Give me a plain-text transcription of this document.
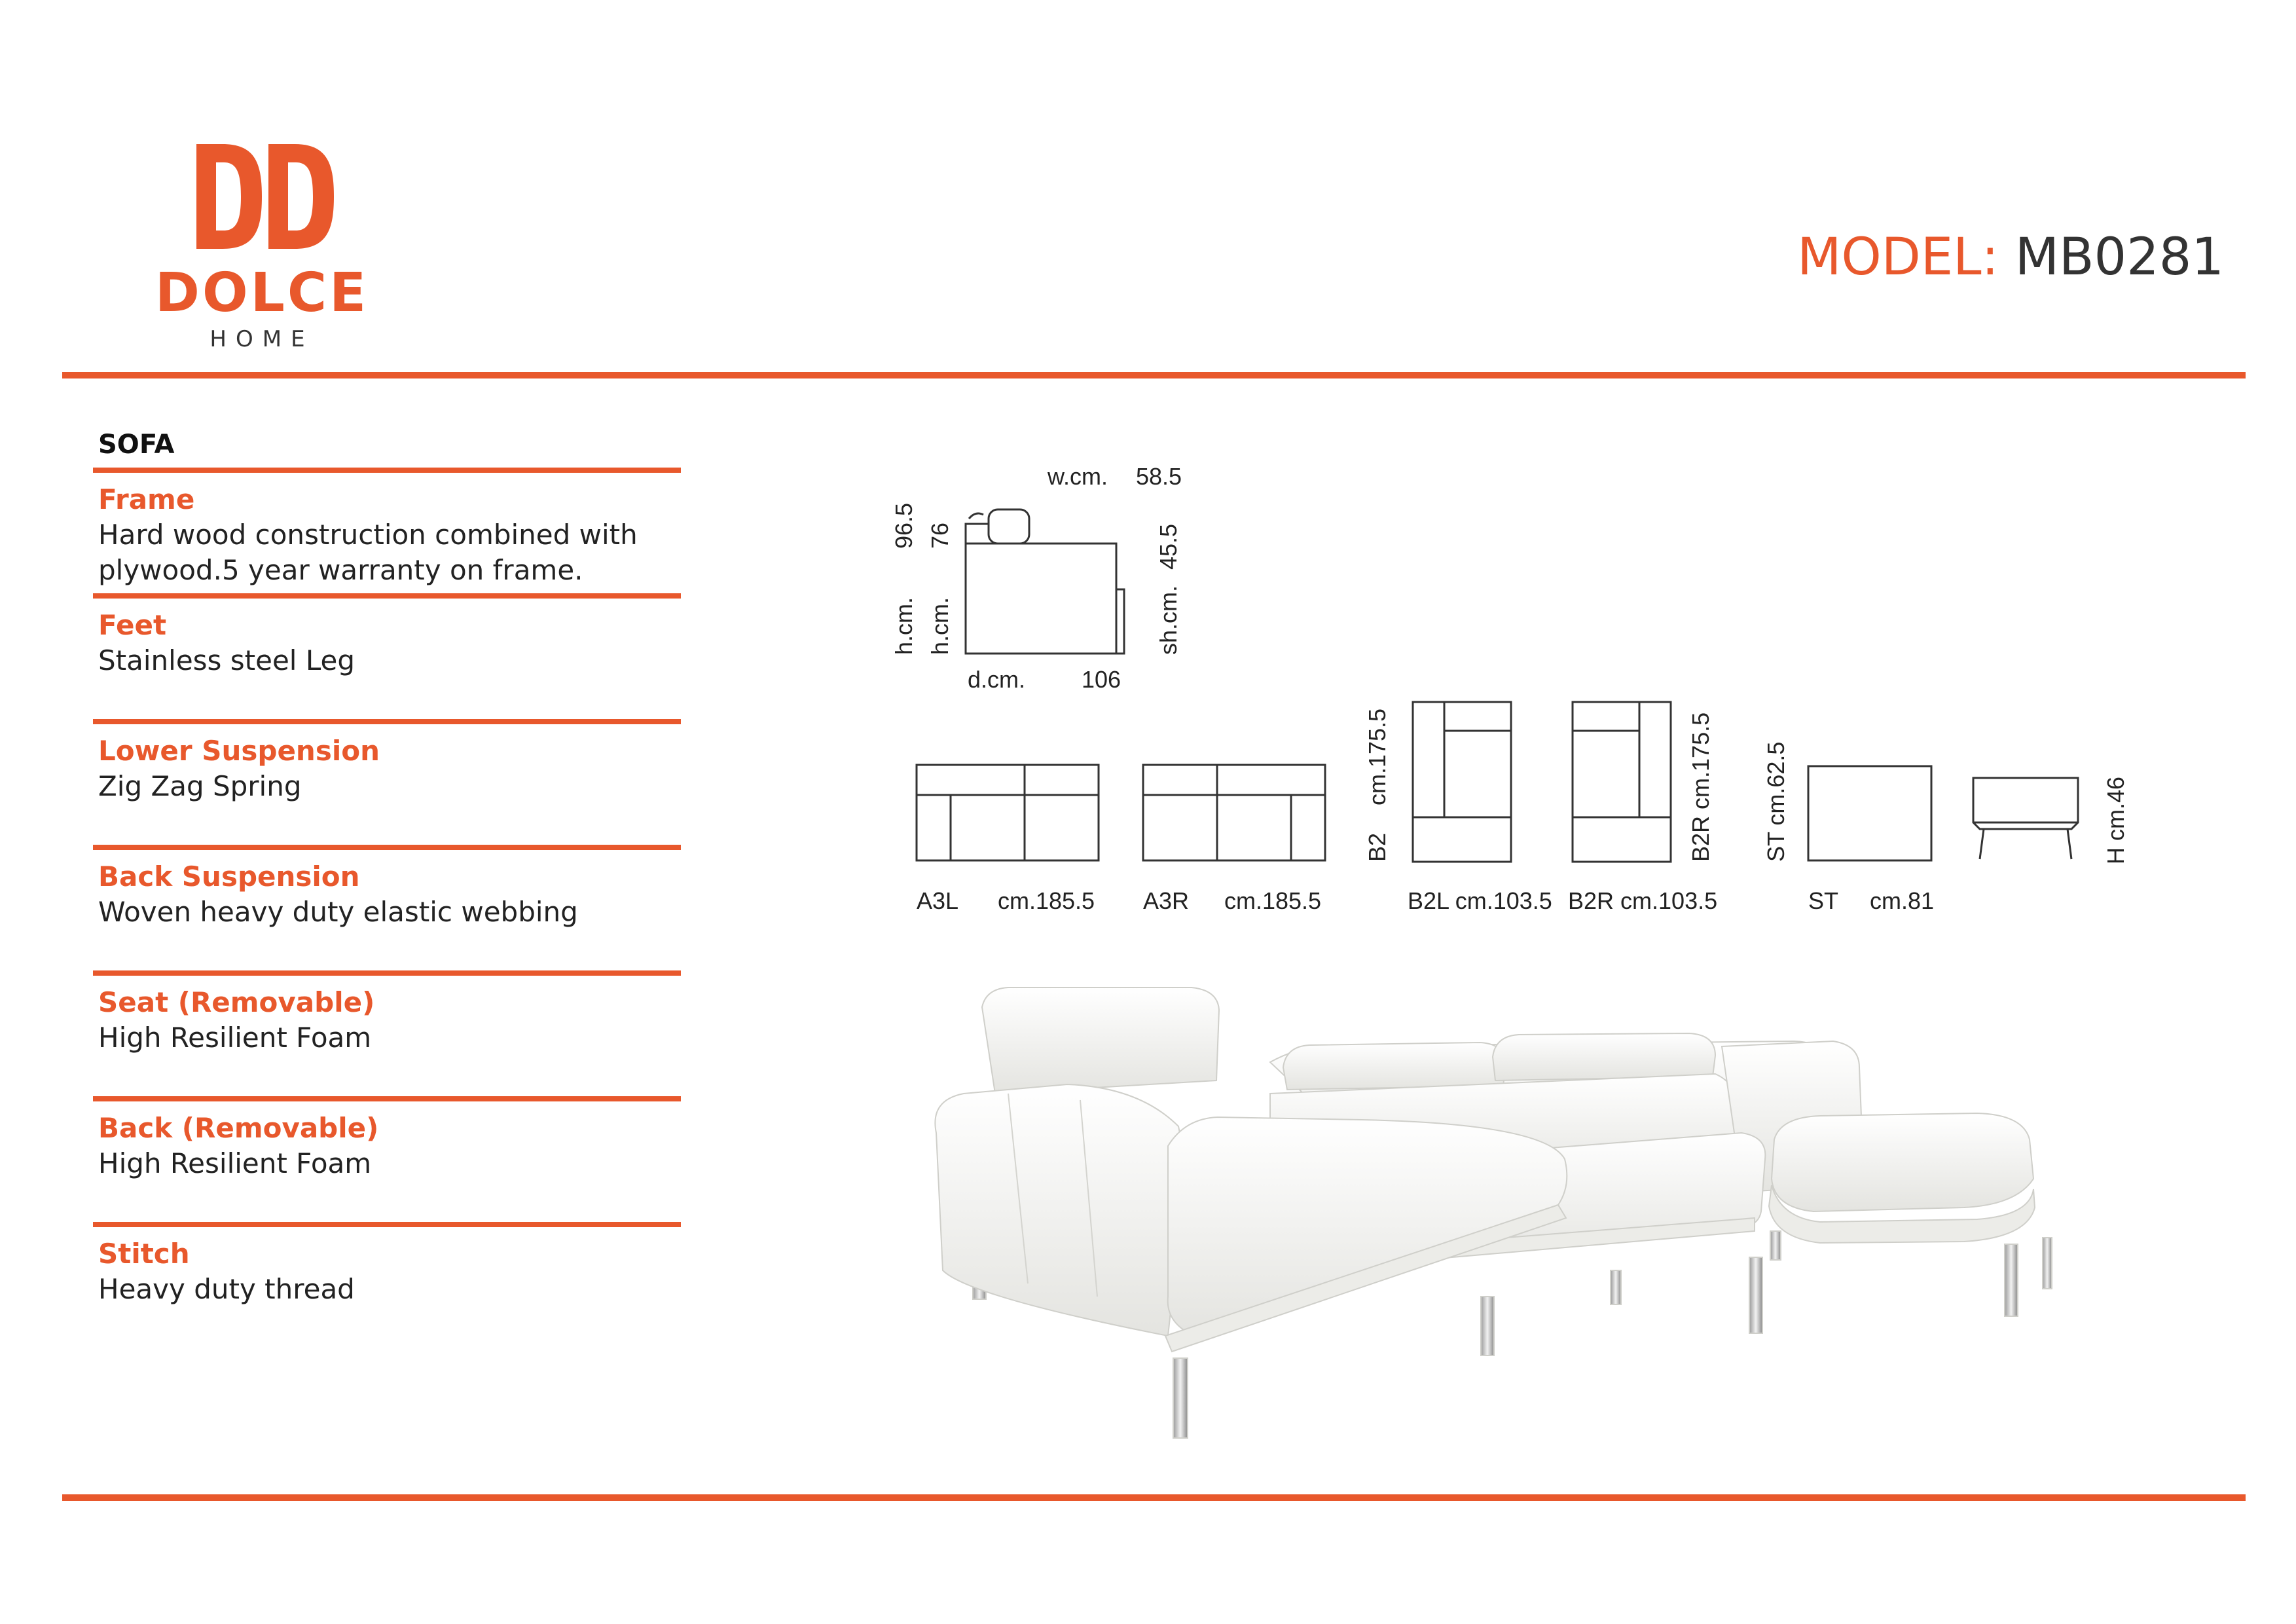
DOLCE
HOME
MODEL: MB0281
SOFA
Frame
Hard wood construction combined with plywood.5 year warranty on frame.
Feet
Stainless steel Leg
Lower Suspension
Zig Zag Spring
Back Suspension
Woven heavy duty elastic webbing
Seat (Removable)
High Resilient Foam
Back (Removable)
High Resilient Foam
Stitch
Heavy duty thread
w.cm. 58.5
d.cm. 106
h.cm.
96.5
h.cm.
76
sh.cm.
45.5
A3L cm.185.5 A3R cm.185.5
B2
cm.175.5
B2L cm.103.5 B2R cm.103.5
B2R cm.175.5 ST cm.62.5
ST cm.81
H cm.46
